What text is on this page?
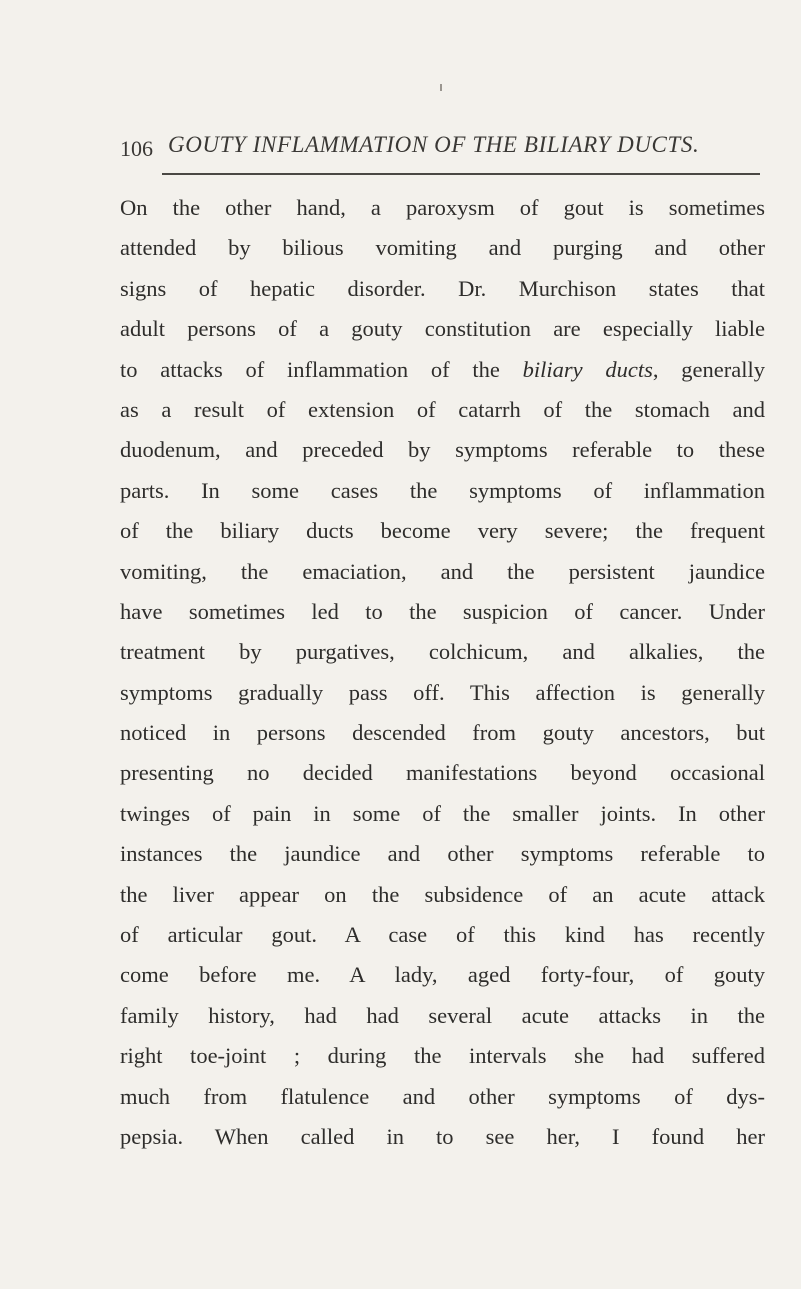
106 GOUTY INFLAMMATION OF THE BILIARY DUCTS.
On the other hand, a paroxysm of gout is sometimes
attended by bilious vomiting and purging and other
signs of hepatic disorder. Dr. Murchison states that
adult persons of a gouty constitution are especially liable
to attacks of inflammation of the biliary ducts, generally
as a result of extension of catarrh of the stomach and
duodenum, and preceded by symptoms referable to these
parts. In some cases the symptoms of inflammation
of the biliary ducts become very severe; the frequent
vomiting, the emaciation, and the persistent jaundice
have sometimes led to the suspicion of cancer. Under
treatment by purgatives, colchicum, and alkalies, the
symptoms gradually pass off. This affection is generally
noticed in persons descended from gouty ancestors, but
presenting no decided manifestations beyond occasional
twinges of pain in some of the smaller joints. In other
instances the jaundice and other symptoms referable to
the liver appear on the subsidence of an acute attack
of articular gout. A case of this kind has recently
come before me. A lady, aged forty-four, of gouty
family history, had had several acute attacks in the
right toe-joint ; during the intervals she had suffered
much from flatulence and other symptoms of dys-
pepsia. When called in to see her, I found her
